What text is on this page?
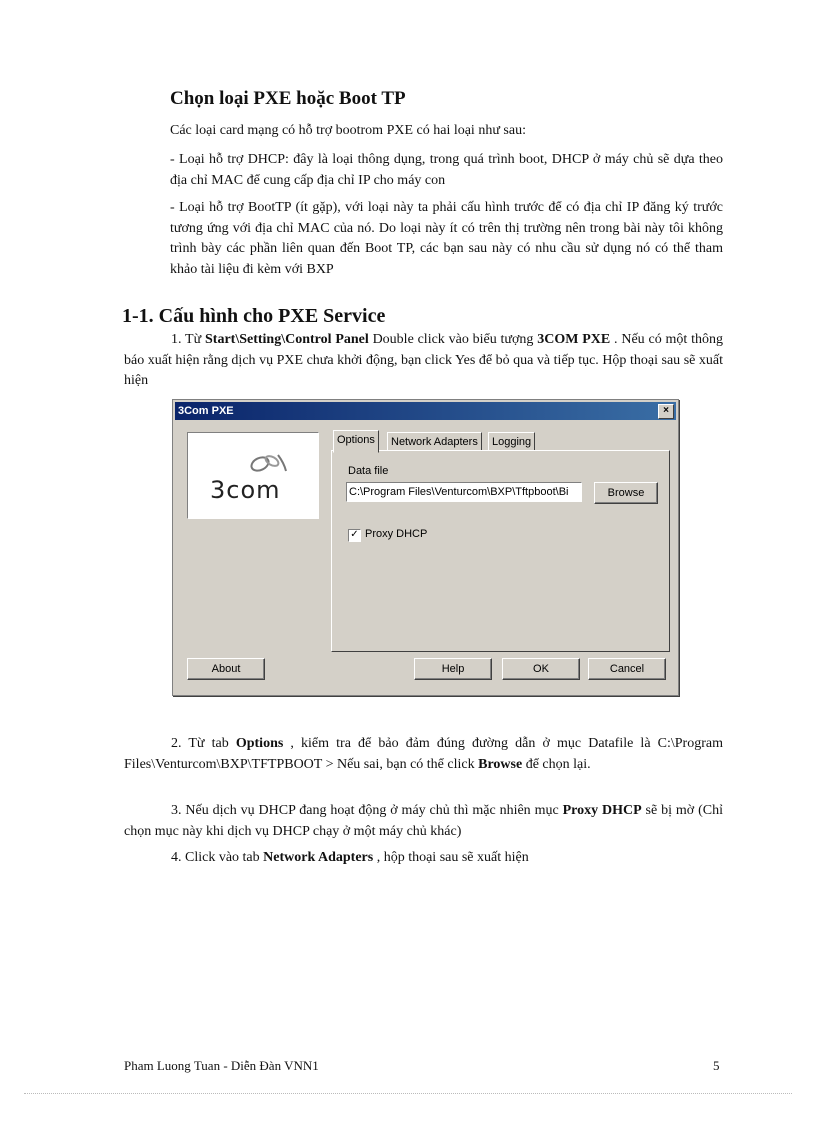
Chọn loại PXE hoặc Boot TP
Các loại card mạng có hỗ trợ bootrom PXE có hai loại như sau:
- Loại hỗ trợ DHCP: đây là loại thông dụng, trong quá trình boot, DHCP ở máy chủ sẽ dựa theo địa chỉ MAC để cung cấp địa chỉ IP cho máy con
- Loại hỗ trợ BootTP (ít gặp), với loại này ta phải cấu hình trước để có địa chỉ IP đăng ký trước tương ứng với địa chỉ MAC của nó. Do loại này ít có trên thị trường nên trong bài này tôi không trình bày các phần liên quan đến Boot TP, các bạn sau này có nhu cầu sử dụng nó có thể tham khảo tài liệu đi kèm với BXP
1-1. Cấu hình cho PXE Service
1. Từ Start\Setting\Control Panel Double click vào biểu tượng 3COM PXE . Nếu có một thông báo xuất hiện rằng dịch vụ PXE chưa khởi động, bạn click Yes để bỏ qua và tiếp tục. Hộp thoại sau sẽ xuất hiện
3Com PXE	×
3com
Options	Network Adapters	Logging
Data file
C:\Program Files\Venturcom\BXP\Tftpboot\Bi	Browse
✓ Proxy DHCP
About	Help	OK	Cancel
2. Từ tab Options , kiểm tra để bảo đảm đúng đường dẫn ở mục Datafile là C:\Program Files\Venturcom\BXP\TFTPBOOT > Nếu sai, bạn có thể click Browse để chọn lại.
3. Nếu dịch vụ DHCP đang hoạt động ở máy chủ thì mặc nhiên mục Proxy DHCP sẽ bị mờ (Chỉ chọn mục này khi dịch vụ DHCP chạy ở một máy chủ khác)
4. Click vào tab Network Adapters , hộp thoại sau sẽ xuất hiện
Pham Luong Tuan - Diễn Đàn VNN1	5
